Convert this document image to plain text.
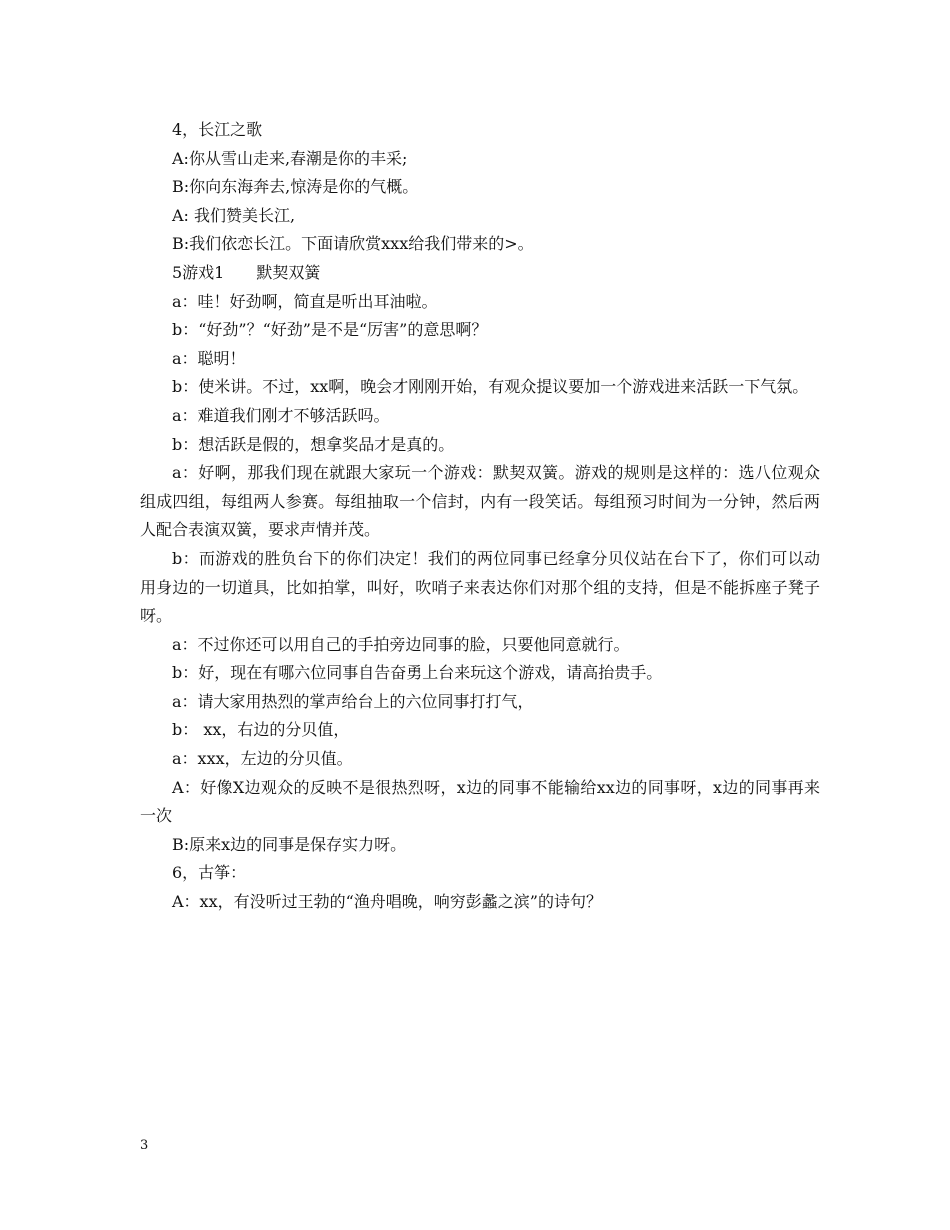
4，长江之歌

A:你从雪山走来,春潮是你的丰采;

B:你向东海奔去,惊涛是你的气概。

A: 我们赞美长江,

B:我们依恋长江。下面请欣赏xxx给我们带来的>。

5游戏1　　默契双簧

a：哇！好劲啊，简直是听出耳油啦。

b：“好劲”？“好劲”是不是“厉害”的意思啊？

a：聪明！

b：使米讲。不过，xx啊，晚会才刚刚开始，有观众提议要加一个游戏进来活跃一下气氛。

a：难道我们刚才不够活跃吗。

b：想活跃是假的，想拿奖品才是真的。

a：好啊，那我们现在就跟大家玩一个游戏：默契双簧。游戏的规则是这样的：选八位观众组成四组，每组两人参赛。每组抽取一个信封，内有一段笑话。每组预习时间为一分钟，然后两人配合表演双簧，要求声情并茂。

b：而游戏的胜负台下的你们决定！我们的两位同事已经拿分贝仪站在台下了，你们可以动用身边的一切道具，比如拍掌，叫好，吹哨子来表达你们对那个组的支持，但是不能拆座子凳子呀。

a：不过你还可以用自己的手拍旁边同事的脸，只要他同意就行。

b：好，现在有哪六位同事自告奋勇上台来玩这个游戏，请高抬贵手。

a：请大家用热烈的掌声给台上的六位同事打打气，

b： xx，右边的分贝值，

a：xxx，左边的分贝值。

A：好像X边观众的反映不是很热烈呀，x边的同事不能输给xx边的同事呀，x边的同事再来一次

B:原来x边的同事是保存实力呀。

6，古筝：

A：xx，有没听过王勃的“渔舟唱晚，响穷彭蠡之滨”的诗句？

3
